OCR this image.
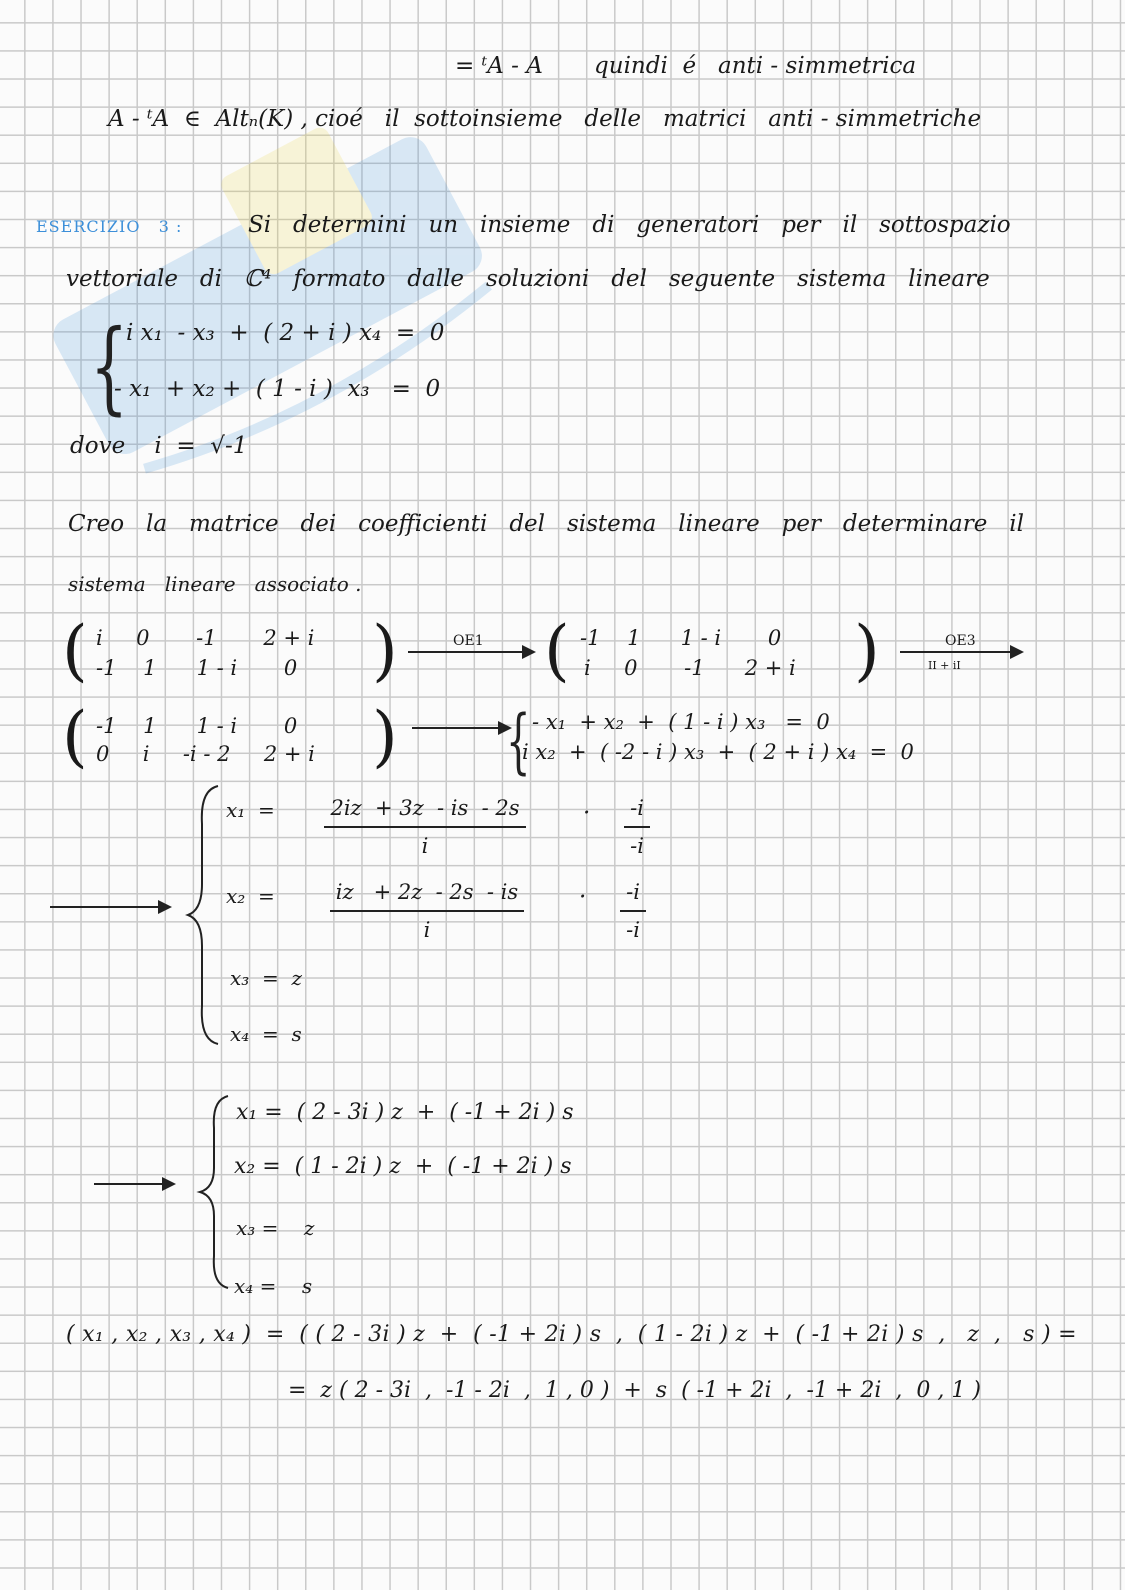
= ᵗA - A       quindi  é   anti - simmetrica
A - ᵗA  ∈  Altₙ(K) , cioé   il  sottoinsieme   delle   matrici   anti - simmetriche
ESERCIZIO   3 :	Si   determini   un   insieme   di   generatori   per   il   sottospazio
vettoriale   di   ℂ⁴   formato   dalle   soluzioni   del   seguente   sistema   lineare
{
i x₁  - x₃  +  ( 2 + i ) x₄  =  0
- x₁  + x₂ +  ( 1 - i )  x₃   =  0
dove    i  =  √-1
Creo   la   matrice   dei   coefficienti   del   sistema   lineare   per   determinare   il
sistema   lineare   associato .
( i     0       -1       2 + i
-1    1      1 - i       0 )	OE1 ( -1    1      1 - i       0
i     0       -1      2 + i )	OE3
II + iI
( -1    1      1 - i       0
0     i     -i - 2     2 + i ) { - x₁  + x₂  +  ( 1 - i ) x₃   =  0
i x₂  +  ( -2 - i ) x₃  +  ( 2 + i ) x₄  =  0
$x_1 = \frac{2iz + 3z - is - 2s}{i} \cdot \frac{-i}{-i}$
$x_2 = \frac{iz + 2z - 2s - is}{i} \cdot \frac{-i}{-i}$
x₃  =  z
x₄  =  s
x₁ =  ( 2 - 3i ) z  +  ( -1 + 2i ) s
x₂ =  ( 1 - 2i ) z  +  ( -1 + 2i ) s
x₃ =    z
x₄ =    s
( x₁ , x₂ , x₃ , x₄ )  =  ( ( 2 - 3i ) z  +  ( -1 + 2i ) s  ,  ( 1 - 2i ) z  +  ( -1 + 2i ) s  ,   z  ,   s ) =
=  z ( 2 - 3i  ,  -1 - 2i  ,  1 , 0 )  +  s  ( -1 + 2i  ,  -1 + 2i  ,  0 , 1 )
